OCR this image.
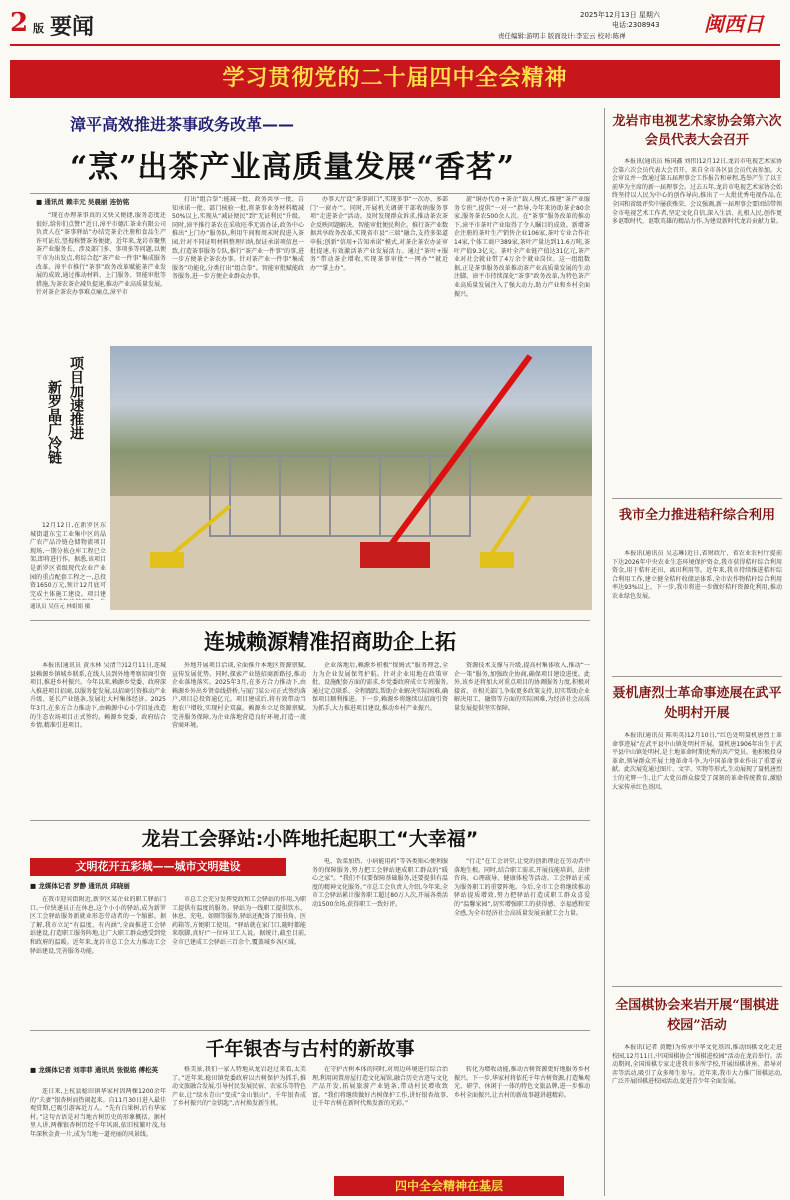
2 版 要闻	2025年12月13日 星期六
电话:2308943
责任编辑:游明丰 版面设计:李宏云 校对:陈禅	闽西日
学习贯彻党的二十届四中全会精神
漳平高效推进茶事政务改革——
“烹”出茶产业高质量发展“香茗”
■ 通讯员 赖丰元 吴晨丽 连钫铭
“现在办理茶事真的又快又便捷,服务态度还很好,给你们点赞!”近日,漳平市德汇茶业有限公司负责人在“茶事驿站”办结完茶企注册和食品生产许可证后,竖拇称赞茶务便捷。近年来,龙岩市聚焦茶产业服务长、涉及部门多、事项多等问题,以便干市为出发点,将综合起“茶产业一件事”集成服务改革。漳平市推行“茶事”政务改革赋能茶产业发展的成效,通过推动材料、上门服务、智能审批等措施,为茶农茶企减负提速,推动产业高质量发展。针对茶企茶农办事难点痛点,漳平市
打出“组合拳”:能减一批、政务共享一批、告知承诺一批、部门核验一批,将茶事业务材料精减50%以上,实现从“减证便民”到“无证利民”升级。同时,漳平推行茶农在采收旺季无需办证,政务中心推出“上门办”服务队,利用午间和周末时段进入茶园,针对不同证明材料整理归纳,保证承诺项信息一致,打造茶事服务专队,推行“茶产业一件事”的事,进一步方便茶企茶农办事。针对茶产业一件事“集成服务”功能化,分类打出“组合拳”。智能审批赋能政务服务,进一步方便企业群众办事。
办事大厅设“茶事窗口”,实现多事“一次办、多部门‘一窗办’”。同时,开展机关调研干部收纳服务事项“走进茶企”活动。及时发现群众诉求,推动茶农茶企反映问题解决。智能审批便民利企。推行茶产业数据共享政务改革,实现省市县“三端”融合,支持多渠道申报;创新“信用+告知承诺”模式,对茶企茶农办证审批提速,有效激活茶产业发展活力。通过“茶叶+服务”带动茶企增收,实现茶事审批“一网办”“就近办”“掌上办”。
旋“铜办代办+茶企”载人模式,推建“茶产业服务专班”,提供“一对一”指导,今年来协助茶企80余家,服务茶农500余人次。在“茶事”服务改革的推动下,漳平市茶叶产业取得了令人瞩目的成效。新增茶企注册的茶叶生产销售企业106家,茶叶专业合作社14家,个体工商户389家,茶叶产量达到11.6万吨,茶叶产值9.3亿元。茶叶全产业链产值达31亿元,茶产业对社会就业带了4万余个就业岗位。这一组组数据,正是茶事服务改革推动茶产业高质量发展的生动注脚。漳平市持续深化“茶事”政务改革,为特色茶产业高质量发展注入了强大动力,助力产业和乡村全面振兴。
新罗晶广冷链 项目加速推进
12月12日,在新罗区东城街道东宝工业集中区的晶广农产品冷链仓储物流项目现场,一期分拣仓库工程已立架,即将进行作。据悉,该项目是新罗区省级现代农业产业园的重点配套工程之一,总投资1650万元,预计12月底可完成主体施工建设。项目建
通讯员 吴佳元 林娟娟 摄
连城赖源精准招商助企上拓
本报讯(通讯员 黄水林 吴清兰)12月11日,连城县赖源乡镇城乡联系,在线人员到外地考察招商引资项目,推进乡村振兴。今年以来,赖源乡党委、政府深入推进项目招商,以服务促发展,以招商引资推动产业升级、延长产业链条,发展壮大村集体经济。2025年3月,在多方合力推动下,由赖源中心小学旧址改造的生态农场项目正式签约。赖源乡党委、政府结合乡情,精准引进项目。
外地开展项目洽谈,全面推介本地区资源禀赋,宣传发展优势。同时,探索产业链招商新路径,推动企业落地落实。2025年3月,在多方合力推动下,由赖源乡外出乡贤牵线搭桥,与厦门某公司正式签约落户,项目总投资逾亿元。项目建成后,将有效带动当地农户增收,实现村企双赢。赖源乡立足资源禀赋,完善服务保障,为企业落地营造良好环境,打造一流营商环境。
企业落地后,赖源乡积极“保姆式”服务理念,全力为企业发展保驾护航。针对企业用地在政策审批、设施配套方面的需求,乡党委政府成立专班服务,通过定点联系、全程跟踪,帮助企业解决实际困难,确保项目顺利推进。下一步,赖源乡将继续以招商引资为抓手,大力推进项目建设,推动乡村产业振兴。
资源技术支撑与升级,提高村集体收入,推动“一企一策”服务,加强政企协商,确保项目建设进度。此外,该乡还将加大对重点项目的协调服务力度,积极对接省、市相关部门,争取更多政策支持,切实帮助企业解决用工、融资等方面的实际困难,为经济社会高质量发展提供坚实保障。
龙岩工会驿站:小阵地托起职工“大幸福”
文明花开五彩城——城市文明建设
■ 龙媒体记者 罗静 通讯员 邱晓丽
在我市迎宾街附近,新罗区某企业的职工驿站门口,一位快递员正在休息,这个小小的驿站,成为新罗区工会驿站服务新就业形态劳动者的一个缩影。据了解,我市立足“有温度、有内涵”,全面推进工会驿站建设,打造职工服务阵地,让广大职工群众感受到党和政府的温暖。近年来,龙岩市总工会大力推动工会驿站建设,完善服务功能。
市总工会充分发挥党政和工会驿站的作用,为职工提供有温度的服务。驿站为一线职工提供饮水、休息、充电、如厕等服务,驿站还配备了图书角、医药箱等,方便职工使用。“驿站就在家门口,随时都能来歇脚,真好!”一位环卫工人说。据统计,截至目前,全市已建成工会驿站三百余个,覆盖城乡各区域。
电、饭菜加热、小病能用药”等各类贴心便利服务的保障服务,努力把工会驿站建成职工群众的“暖心之家”。“我们不仅要保障基础服务,还要提供有温度的精神文化服务。”市总工会负责人介绍,今年来,全市工会驿站累计服务职工超过80万人次,开展各类活动1500余场,获得职工一致好评。
“行走”在工会讲堂,让党的创新理论在劳动者中落地生根。同时,结合职工需求,开展技能培训、法律咨询、心理疏导、健康体检等活动。工会驿站正成为服务职工的重要阵地。今后,全市工会将继续推动驿站提质增效,努力把驿站打造成职工群众喜爱的“温馨家园”,切实增强职工的获得感、幸福感和安全感,为全市经济社会高质量发展贡献工会力量。
千年银杏与古村的新故事
■ 龙媒体记者 刘菲菲 通讯员 张锐铭 傅松英
连日来,上杭县稔田镇华家村因两棵1200余年的“夫妻”银杏树而热闹起来。自11月30日进入最佳观赏期,已吸引游客近万人。“先有白果树,后有华家村。”这句古语是对当地古树历史的形象概括。据村里人讲,两棵银杏树历经千年风雨,依旧枝繁叶茂,每年深秋金黄一片,成为当地一道亮丽的风景线。
格美景,我们一家人特地从龙岩赶过来看,太美了。”近年来,稔田镇党委政府以古树保护为抓手,推动文旅融合发展,引导村民发展民宿、农家乐等特色产业,让“绿水青山”变成“金山银山”。千年银杏成了乡村振兴的“金钥匙”,古村焕发新生机。
在守护古树本体的同时,对周边环境进行综合治理,利用闲置房屋打造文化展馆,融合历史古迹与文化产品开发,拓展旅游产业链条,带动村民增收致富。“我们将继续做好古树保护工作,讲好银杏故事,让千年古树在新时代焕发新的光彩。”
转化为增收动能,推动古树资源更好地服务乡村振兴。下一步,华家村将依托千年古树资源,打造集观光、研学、休闲于一体的特色文旅品牌,进一步推动乡村全面振兴,让古村的新故事越讲越精彩。
四中全会精神在基层
龙岩市电视艺术家协会第六次会员代表大会召开
本报讯(通讯员 杨国鑫 刘伟)12月12日,龙岩市电视艺术家协会第六次会员代表大会召开。来自全市各区县会员代表参加。大会审议并一致通过第五届理事会工作报告和章程,选举产生了以王前华为主席的新一届理事会。过去五年,龙岩市电视艺术家协会始终坚持以人民为中心的创作导向,推出了一大批优秀电视作品,在全国和省级评奖中屡获殊荣。会议强调,新一届理事会要团结带领全市电视艺术工作者,坚定文化自信,深入生活、扎根人民,创作更多讴歌时代、讴歌英雄的精品力作,为建设新时代龙岩贡献力量。
我市全力推进秸秆综合利用
本报讯(通讯员 吴志琳)近日,省财政厅、省农业农村厅提前下达2026年中央农业生态环境保护资金,我市获得秸秆综合利用资金,用于秸秆还田、离田利用等。近年来,我市持续推进秸秆综合利用工作,建立健全秸秆收储运体系,全市农作物秸秆综合利用率达93%以上。下一步,我市将进一步做好秸秆资源化利用,推动农业绿色发展。
聂机唐烈士革命事迹展在武平处明村开展
本报讯(通讯员 陈奕英)12月10日,“红色处明聂机唐烈士革命事迹展”在武平县中山镇处明村开展。聂机唐1906年出生于武平县中山镇处明村,是土地革命时期优秀的共产党员。他积极投身革命,领导群众开展土地革命斗争,为中国革命事业作出了重要贡献。此次展览通过图片、文字、实物等形式,生动展现了聂机唐烈士的光辉一生,让广大党员群众接受了深刻的革命传统教育,激励大家传承红色基因。
全国棋协会来岩开展“围棋进校园”活动
本报讯(记者 黄瞻)为传承中华文化基因,推动围棋文化走进校园,12月11日,中国围棋协会“围棋进校园”活动在龙岩举行。活动期间,全国围棋专家走进我市多所学校,开展围棋讲座、指导对弈等活动,吸引了众多师生参与。近年来,我市大力推广围棋运动,广泛开展围棋进校园活动,促进青少年全面发展。
